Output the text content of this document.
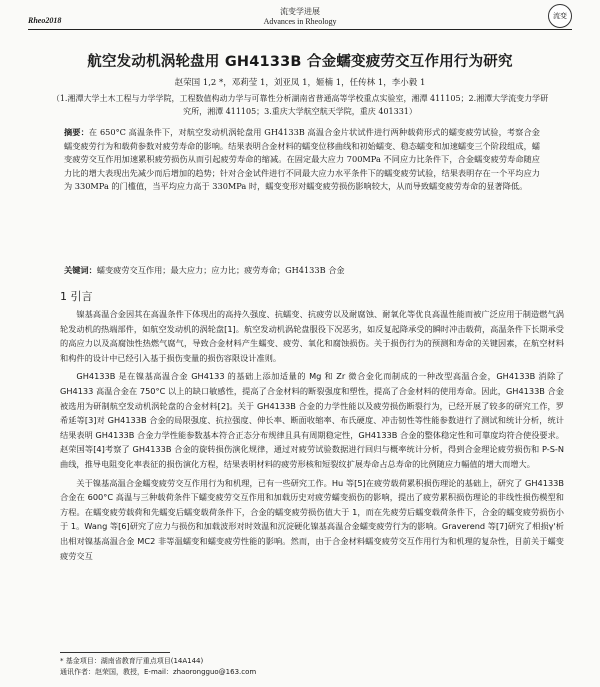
Rheo2018
流变学进展
Advances in Rheology
流变
航空发动机涡轮盘用 GH4133B 合金蠕变疲劳交互作用行为研究
赵荣国 1,2 *，邓莉莹 1，刘亚凤 1，姬楠 1，任传林 1，李小毅 1
（1.湘潭大学土木工程与力学学院，工程数值构动力学与可靠性分析湖南省普通高等学校重点实验室，湘潭 411105；2.湘潭大学流变力学研究所，湘潭 411105；3.重庆大学航空航天学院，重庆 401331）
摘要：在 650°C 高温条件下，对航空发动机涡轮盘用 GH4133B 高温合金片状试件进行两种载荷形式的蠕变疲劳试验，考察合金蠕变疲劳行为和载荷参数对疲劳寿命的影响。结果表明合金材料的蠕变位移曲线和初始蠕变、稳态蠕变和加速蠕变三个阶段组成，蠕变疲劳交互作用加速累积疲劳损伤从而引起疲劳寿命的缩减。在固定最大应力 700MPa 不同应力比条件下，合金蠕变疲劳寿命随应力比的增大表现出先减少而后增加的趋势；针对合金试件进行不同最大应力水平条件下的蠕变疲劳试验，结果表明存在一个平均应力为 330MPa 的门槛值，当平均应力高于 330MPa 时，蠕变变形对蠕变疲劳损伤影响较大，从而导致蠕变疲劳寿命的显著降低。
关键词：蠕变疲劳交互作用；最大应力；应力比；疲劳寿命；GH4133B 合金
1 引言

镍基高温合金因其在高温条件下体现出的高持久强度、抗蠕变、抗疲劳以及耐腐蚀、耐氧化等优良高温性能而被广泛应用于制造燃气涡轮发动机的热端部件，如航空发动机的涡轮盘[1]。航空发动机涡轮盘服役下况恶劣，如反复起降承受的瞬时冲击载荷，高温条件下长期承受的高应力以及高腐蚀性热燃气腐气，导致合金材料产生蠕变、疲劳、氧化和腐蚀损伤。关于损伤行为的预测和寿命的关键因素，在航空材料和构件的设计中已经引入基于损伤变量的损伤容限设计准则。

GH4133B 是在镍基高温合金 GH4133 的基础上添加适量的 Mg 和 Zr 微合金化而制成的一种改型高温合金，GH4133B 消除了 GH4133 高温合金在 750°C 以上的缺口敏感性，提高了合金材料的断裂强度和塑性，提高了合金材料的使用寿命。因此，GH4133B 合金被选用为研制航空发动机涡轮盘的合金材料[2]。关于 GH4133B 合金的力学性能以及疲劳损伤断裂行为，已经开展了较多的研究工作，罗希延等[3]对 GH4133B 合金的局限强度、抗拉强度、伸长率、断面收缩率、布氏硬度、冲击韧性等性能参数进行了测试和统计分析，统计结果表明 GH4133B 合金力学性能参数基本符合正态分布规律且具有周期稳定性，GH4133B 合金的整体稳定性和可靠度均符合使役要求。赵荣国等[4]考察了 GH4133B 合金的旋转损伤演化规律，通过对疲劳试验数据进行回归与概率统计分析，得到合金理论疲劳损伤和 P-S-N 曲线，推导电阻变化率表征的损伤演化方程，结果表明材料的疲劳形核和短裂纹扩展寿命占总寿命的比例随应力幅值的增大而增大。

关于镍基高温合金蠕变疲劳交互作用行为和机理，已有一些研究工作。Hu 等[5]在疲劳载荷累积损伤理论的基础上，研究了 GH4133B 合金在 600°C 高温与三种载荷条件下蠕变疲劳交互作用和加载历史对疲劳蠕变损伤的影响，提出了疲劳累积损伤理论的非线性损伤模型和方程。在蠕变疲劳载荷和先蠕变后蠕变载荷条件下，合金的蠕变疲劳损伤值大于 1，而在先疲劳后蠕变载荷条件下，合金的蠕变疲劳损伤小于 1。Wang 等[6]研究了应力与损伤和加载波形对时效温和沉淀硬化镍基高温合金蠕变疲劳行为的影响。Graverend 等[7]研究了相损γ'析出相对镍基高温合金 MC2 非等温蠕变和蠕变疲劳性能的影响。然而，由于合金材料蠕变疲劳交互作用行为和机理的复杂性，目前关于蠕变疲劳交互

* 基金项目：湖南省教育厅重点项目(14A144)
通讯作者：赵荣国，教授，E-mail：zhaorongguo@163.com
